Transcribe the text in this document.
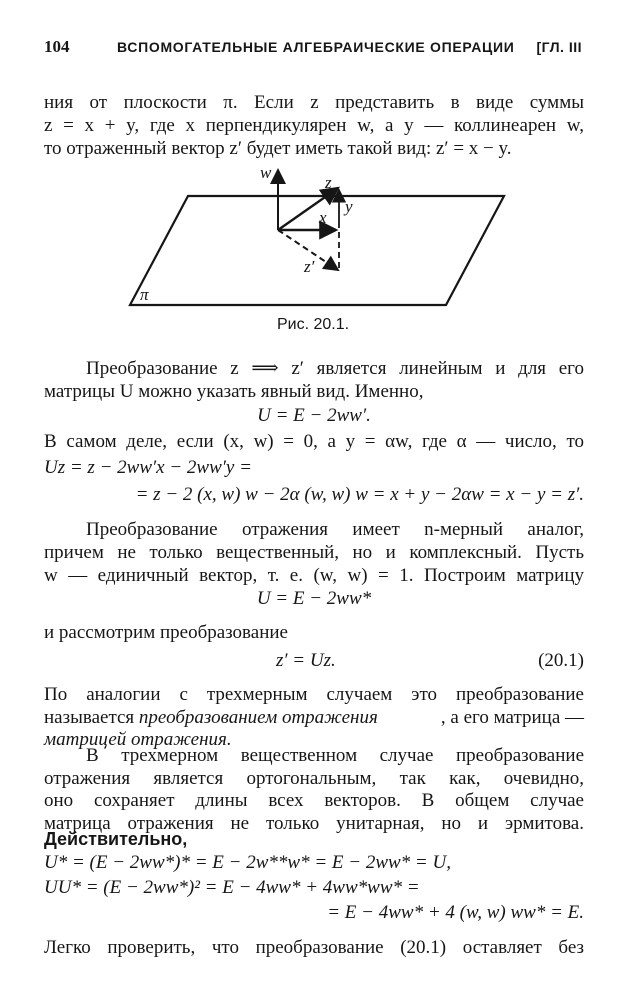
104	ВСПОМОГАТЕЛЬНЫЕ АЛГЕБРАИЧЕСКИЕ ОПЕРАЦИИ [ГЛ. III
ния от плоскости π. Если z представить в виде суммы
z = x + y, где x перпендикулярен w, а y — коллинеарен w,
то отраженный вектор z′ будет иметь такой вид: z′ = x − y.
w
z
y
x
z′
π
Рис. 20.1.
Преобразование z ⟹ z′ является линейным и для его
матрицы U можно указать явный вид. Именно,
U = E − 2ww′.
В самом деле, если (x, w) = 0, а y = αw, где α — число, то
Uz = z − 2ww′x − 2ww′y =
= z − 2 (x, w) w − 2α (w, w) w = x + y − 2αw = x − y = z′.
Преобразование отражения имеет n-мерный аналог,
причем не только вещественный, но и комплексный. Пусть
w — единичный вектор, т. е. (w, w) = 1. Построим матрицу
U = E − 2ww*
и рассмотрим преобразование
z′ = Uz.	(20.1)
По аналогии с трехмерным случаем это преобразование
называется преобразованием отражения	, а его матрица —
матрицей отражения.
В трехмерном вещественном случае преобразование
отражения является ортогональным, так как, очевидно,
оно сохраняет длины всех векторов. В общем случае
матрица отражения не только унитарная, но и эрмитова.
Действительно,
U* = (E − 2ww*)* = E − 2w**w* = E − 2ww* = U,
UU* = (E − 2ww*)² = E − 4ww* + 4ww*ww* =
= E − 4ww* + 4 (w, w) ww* = E.
Легко проверить, что преобразование (20.1) оставляет без
